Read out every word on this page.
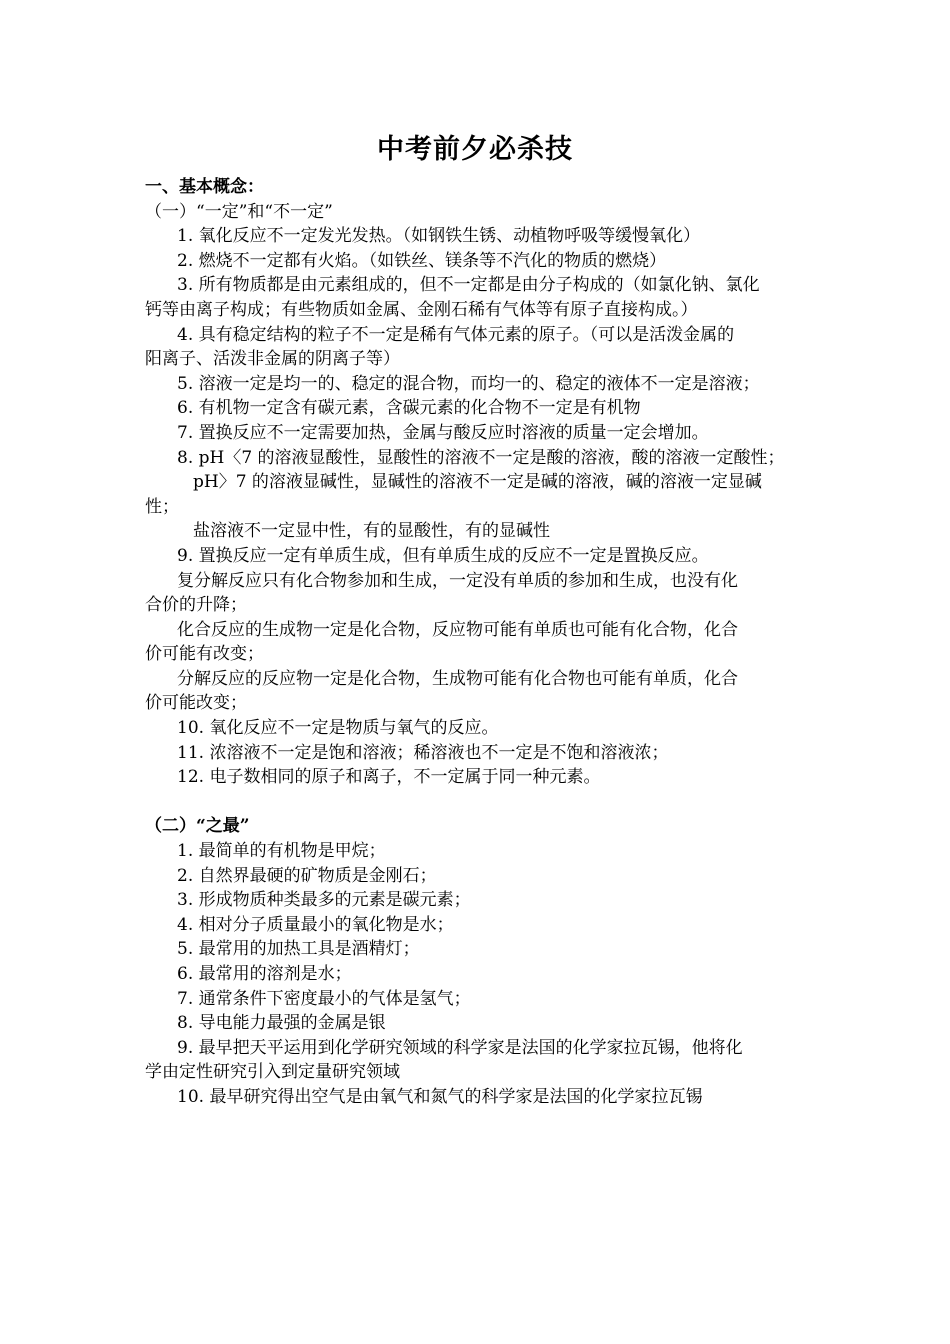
中考前夕必杀技
一、基本概念：
（一）“一定”和“不一定”
1. 氧化反应不一定发光发热。（如钢铁生锈、动植物呼吸等缓慢氧化）
2. 燃烧不一定都有火焰。（如铁丝、镁条等不汽化的物质的燃烧）
3. 所有物质都是由元素组成的，但不一定都是由分子构成的（如氯化钠、氯化
钙等由离子构成；有些物质如金属、金刚石稀有气体等有原子直接构成。）
4. 具有稳定结构的粒子不一定是稀有气体元素的原子。（可以是活泼金属的
阳离子、活泼非金属的阴离子等）
5. 溶液一定是均一的、稳定的混合物，而均一的、稳定的液体不一定是溶液；
6. 有机物一定含有碳元素，含碳元素的化合物不一定是有机物
7. 置换反应不一定需要加热，金属与酸反应时溶液的质量一定会增加。
8. pH〈7 的溶液显酸性，显酸性的溶液不一定是酸的溶液，酸的溶液一定酸性；
pH〉7 的溶液显碱性，显碱性的溶液不一定是碱的溶液，碱的溶液一定显碱
性；
盐溶液不一定显中性，有的显酸性，有的显碱性
9. 置换反应一定有单质生成，但有单质生成的反应不一定是置换反应。
复分解反应只有化合物参加和生成，一定没有单质的参加和生成，也没有化
合价的升降；
化合反应的生成物一定是化合物，反应物可能有单质也可能有化合物，化合
价可能有改变；
分解反应的反应物一定是化合物，生成物可能有化合物也可能有单质，化合
价可能改变；
10. 氧化反应不一定是物质与氧气的反应。
11. 浓溶液不一定是饱和溶液；稀溶液也不一定是不饱和溶液浓；
12. 电子数相同的原子和离子，不一定属于同一种元素。
（二）“之最”
1. 最简单的有机物是甲烷；
2. 自然界最硬的矿物质是金刚石；
3. 形成物质种类最多的元素是碳元素；
4. 相对分子质量最小的氧化物是水；
5. 最常用的加热工具是酒精灯；
6. 最常用的溶剂是水；
7. 通常条件下密度最小的气体是氢气；
8. 导电能力最强的金属是银
9. 最早把天平运用到化学研究领域的科学家是法国的化学家拉瓦锡，他将化
学由定性研究引入到定量研究领域
10. 最早研究得出空气是由氧气和氮气的科学家是法国的化学家拉瓦锡
